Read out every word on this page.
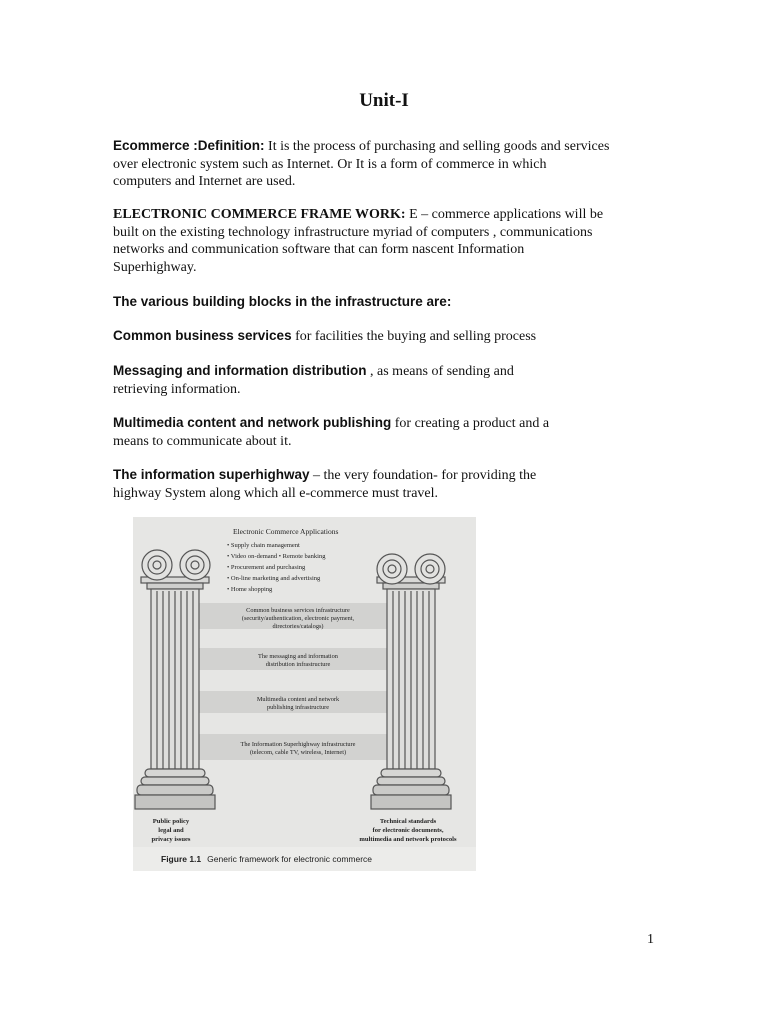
Unit-I
Ecommerce :Definition: It is the process of purchasing and selling goods and services
over electronic system such as Internet. Or It is a form of commerce in which
computers and Internet are used.
ELECTRONIC COMMERCE FRAME WORK: E – commerce applications will be
built on the existing technology infrastructure myriad of computers , communications
networks and communication software that can form nascent Information
Superhighway.
The various building blocks in the infrastructure are:
Common business services for facilities the buying and selling process
Messaging and information distribution , as means of sending and
retrieving information.
Multimedia content and network publishing for creating a product and a
means to communicate about it.
The information superhighway – the very foundation- for providing the
highway System along which all e-commerce must travel.
Electronic Commerce Applications
• Supply chain management
• Video on-demand • Remote banking
• Procurement and purchasing
• On-line marketing and advertising
• Home shopping
Common business services infrastructure
(security/authentication, electronic payment,
directories/catalogs)
The messaging and information
distribution infrastructure
Multimedia content and network
publishing infrastructure
The Information Superhighway infrastructure
(telecom, cable TV, wireless, Internet)
Public policy
legal and
privacy issues
Technical standards
for electronic documents,
multimedia and network protocols
Figure 1.1 Generic framework for electronic commerce
1
